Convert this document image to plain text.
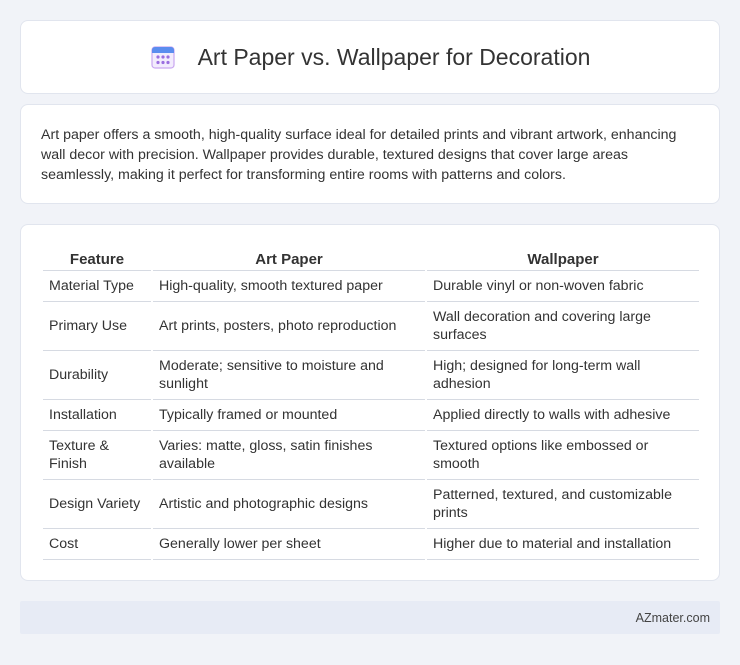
Art Paper vs. Wallpaper for Decoration

Art paper offers a smooth, high-quality surface ideal for detailed prints and vibrant artwork, enhancing wall decor with precision. Wallpaper provides durable, textured designs that cover large areas seamlessly, making it perfect for transforming entire rooms with patterns and colors.

Feature	Art Paper	Wallpaper
Material Type	High-quality, smooth textured paper	Durable vinyl or non-woven fabric
Primary Use	Art prints, posters, photo reproduction	Wall decoration and covering large surfaces
Durability	Moderate; sensitive to moisture and sunlight	High; designed for long-term wall adhesion
Installation	Typically framed or mounted	Applied directly to walls with adhesive
Texture & Finish	Varies: matte, gloss, satin finishes available	Textured options like embossed or smooth
Design Variety	Artistic and photographic designs	Patterned, textured, and customizable prints
Cost	Generally lower per sheet	Higher due to material and installation
AZmater.com
